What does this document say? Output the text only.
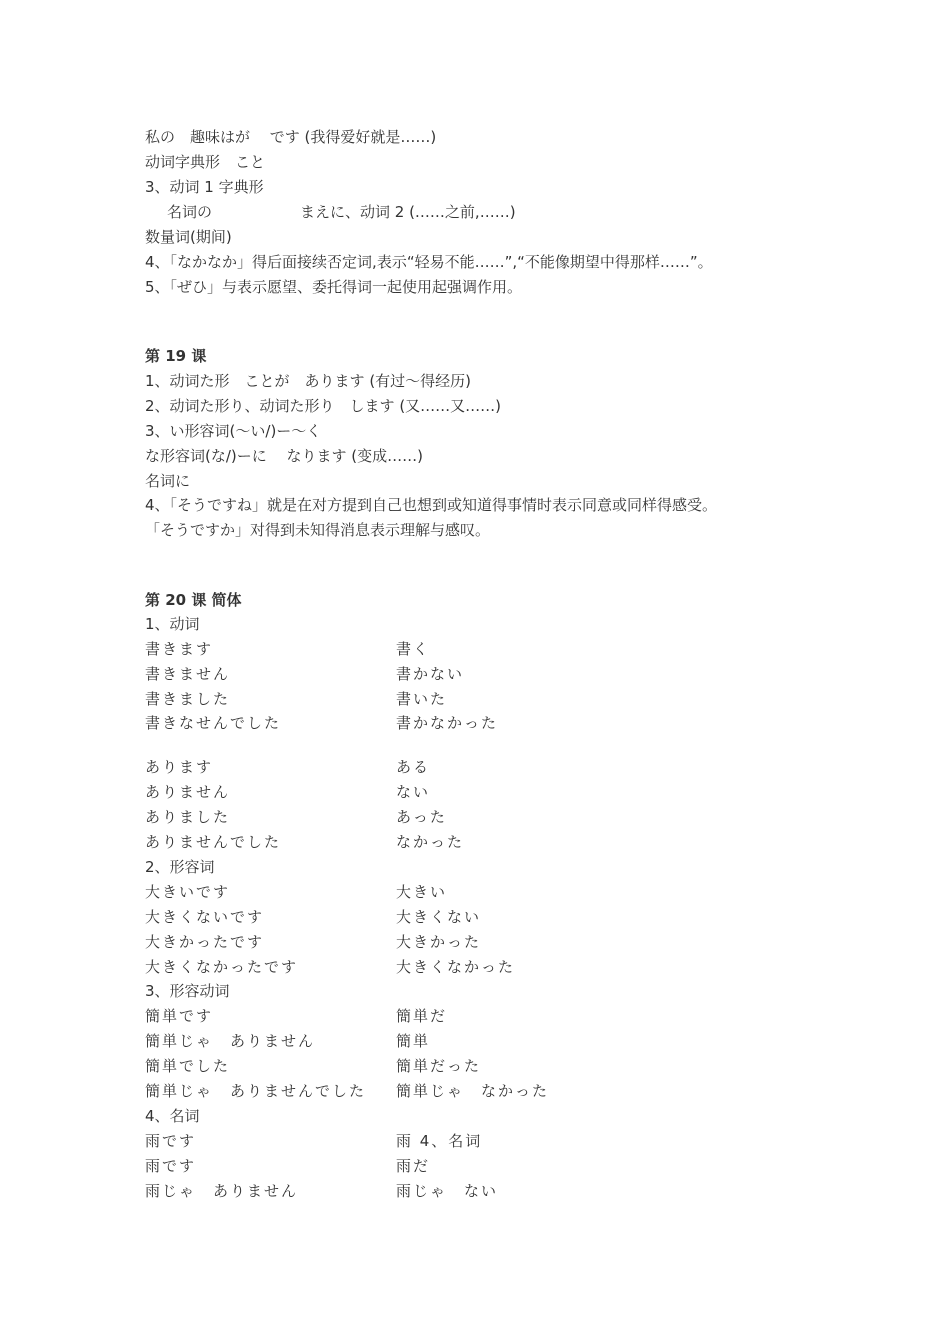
私の　趣味はが　 です (我得爱好就是……)
动词字典形　こと
3、动词 1 字典形
名词の	まえに、动词 2 (……之前,……)
数量词(期间)
4、「なかなか」得后面接续否定词,表示“轻易不能……”,“不能像期望中得那样……”。
5、「ぜひ」与表示愿望、委托得词一起使用起强调作用。
第 19 课
1、动词た形　ことが　あります (有过～得经历)
2、动词た形り、动词た形り　します (又……又……)
3、い形容词(～い/)ー～く
な形容词(な/)ーに　 なります (变成……)
名词に
4、「そうですね」就是在对方提到自己也想到或知道得事情时表示同意或同样得感受。
「そうですか」对得到未知得消息表示理解与感叹。
第 20 课 简体
1、动词
書きます	書く
書きません	書かない
書きました	書いた
書きなせんでした	書かなかった
あります	ある
ありません	ない
ありました	あった
ありませんでした	なかった
2、形容词
大きいです	大きい
大きくないです	大きくない
大きかったです	大きかった
大きくなかったです	大きくなかった
3、形容动词
簡単です	簡単だ
簡単じゃ　ありません	簡単
簡単でした	簡単だった
簡単じゃ　ありませんでした 簡単じゃ　なかった
4、名词
雨です	雨 4、名词
雨です	雨だ
雨じゃ　ありません	雨じゃ　ない
